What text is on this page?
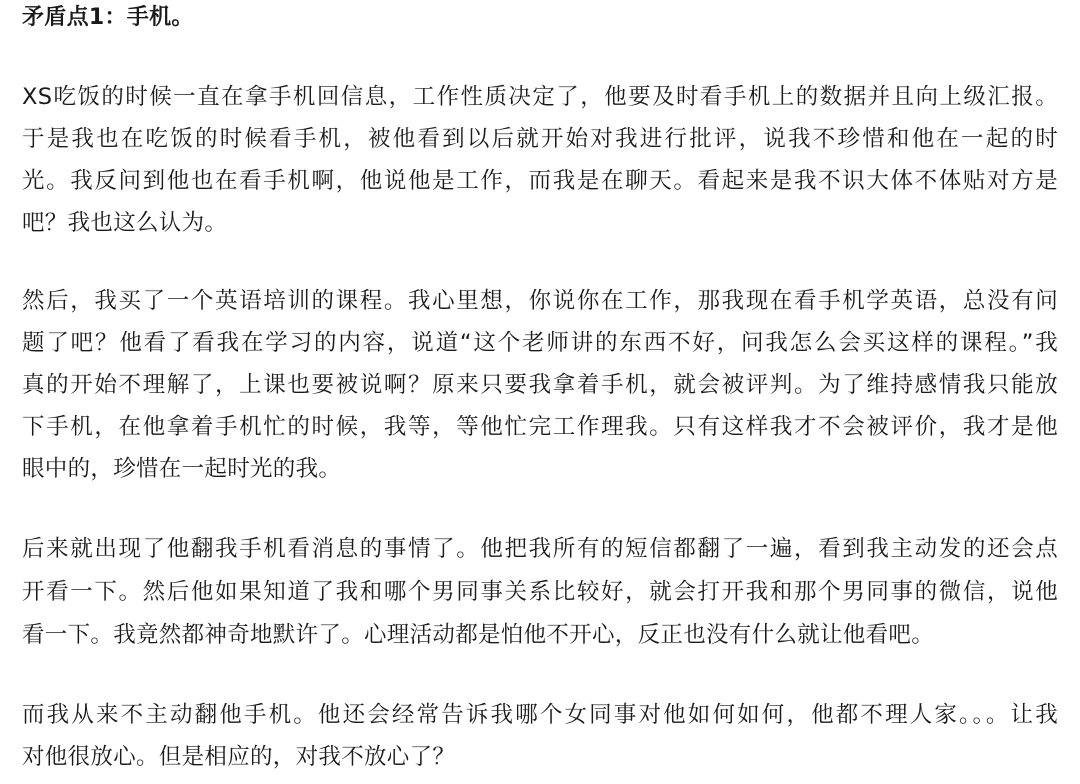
矛盾点1：手机。
XS吃饭的时候一直在拿手机回信息，工作性质决定了，他要及时看手机上的数据并且向上级汇报。
于是我也在吃饭的时候看手机，被他看到以后就开始对我进行批评，说我不珍惜和他在一起的时
光。我反问到他也在看手机啊，他说他是工作，而我是在聊天。看起来是我不识大体不体贴对方是
吧？我也这么认为。
然后，我买了一个英语培训的课程。我心里想，你说你在工作，那我现在看手机学英语，总没有问
题了吧？他看了看我在学习的内容，说道“这个老师讲的东西不好，问我怎么会买这样的课程。”我
真的开始不理解了，上课也要被说啊？原来只要我拿着手机，就会被评判。为了维持感情我只能放
下手机，在他拿着手机忙的时候，我等，等他忙完工作理我。只有这样我才不会被评价，我才是他
眼中的，珍惜在一起时光的我。
后来就出现了他翻我手机看消息的事情了。他把我所有的短信都翻了一遍，看到我主动发的还会点
开看一下。然后他如果知道了我和哪个男同事关系比较好，就会打开我和那个男同事的微信，说他
看一下。我竟然都神奇地默许了。心理活动都是怕他不开心，反正也没有什么就让他看吧。
而我从来不主动翻他手机。他还会经常告诉我哪个女同事对他如何如何，他都不理人家。。。让我
对他很放心。但是相应的，对我不放心了？
